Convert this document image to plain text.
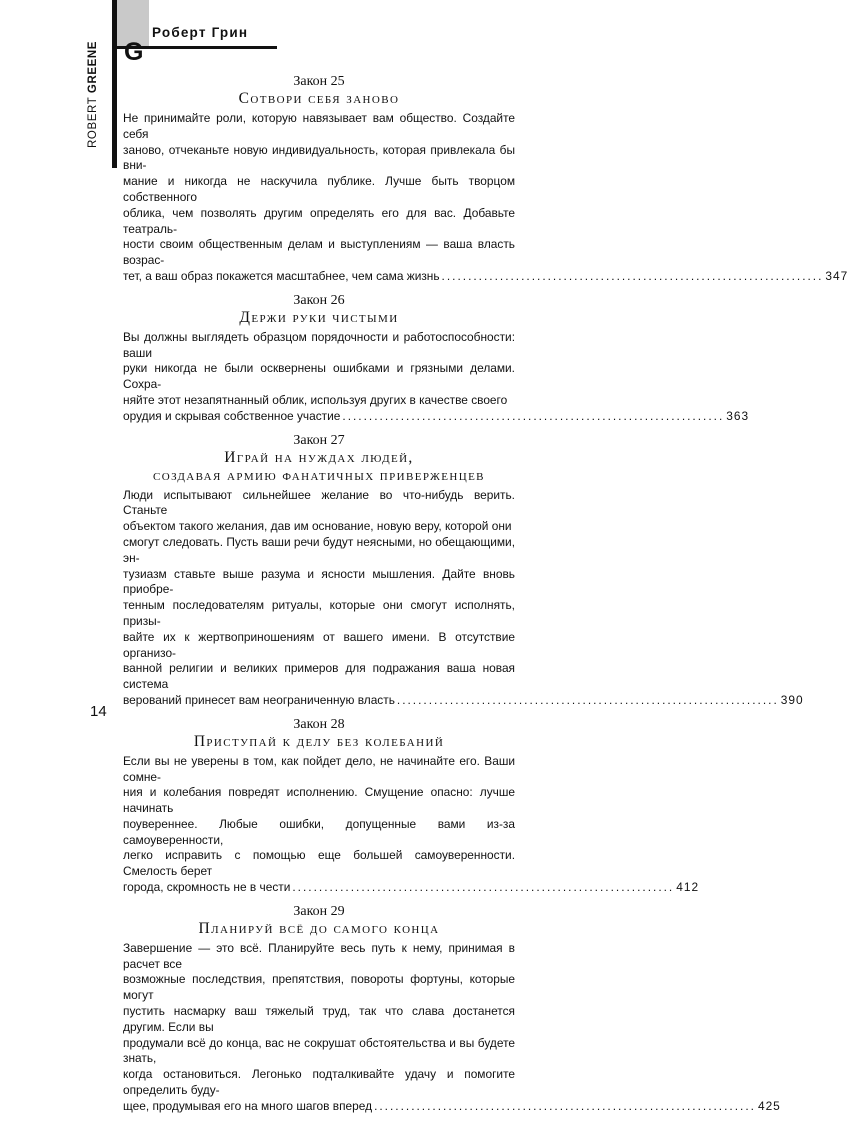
Роберт Грин
G
ROBERT GREENE	Закон 25
Сотвори себя заново
Не принимайте роли, которую навязывает вам общество. Создайте себя
заново, отчеканьте новую индивидуальность, которая привлекала бы вни-
мание и никогда не наскучила публике. Лучше быть творцом собственного
облика, чем позволять другим определять его для вас. Добавьте театраль-
ности своим общественным делам и выступлениям — ваша власть возрас-
тет, а ваш образ покажется масштабнее, чем сама жизнь ........................................................................ 347
Закон 26
Держи руки чистыми
Вы должны выглядеть образцом порядочности и работоспособности: ваши
руки никогда не были осквернены ошибками и грязными делами. Сохра-
няйте этот незапятнанный облик, используя других в качестве своего
орудия и скрывая собственное участие ........................................................................ 363
Закон 27
Играй на нуждах людей,
создавая армию фанатичных приверженцев
Люди испытывают сильнейшее желание во что-нибудь верить. Станьте
объектом такого желания, дав им основание, новую веру, которой они
смогут следовать. Пусть ваши речи будут неясными, но обещающими, эн-
тузиазм ставьте выше разума и ясности мышления. Дайте вновь приобре-
тенным последователям ритуалы, которые они смогут исполнять, призы-
вайте их к жертвоприношениям от вашего имени. В отсутствие организо-
ванной религии и великих примеров для подражания ваша новая система
верований принесет вам неограниченную власть ........................................................................ 390
Закон 28
Приступай к делу без колебаний
Если вы не уверены в том, как пойдет дело, не начинайте его. Ваши сомне-
ния и колебания повредят исполнению. Смущение опасно: лучше начинать
поувереннее. Любые ошибки, допущенные вами из-за самоуверенности,
легко исправить с помощью еще большей самоуверенности. Смелость берет
города, скромность не в чести ........................................................................ 412
Закон 29
Планируй всё до самого конца
Завершение — это всё. Планируйте весь путь к нему, принимая в расчет все
возможные последствия, препятствия, повороты фортуны, которые могут
пустить насмарку ваш тяжелый труд, так что слава достанется другим. Если вы
продумали всё до конца, вас не сокрушат обстоятельства и вы будете знать,
когда остановиться. Легонько подталкивайте удачу и помогите определить буду-
щее, продумывая его на много шагов вперед ........................................................................ 425
14
